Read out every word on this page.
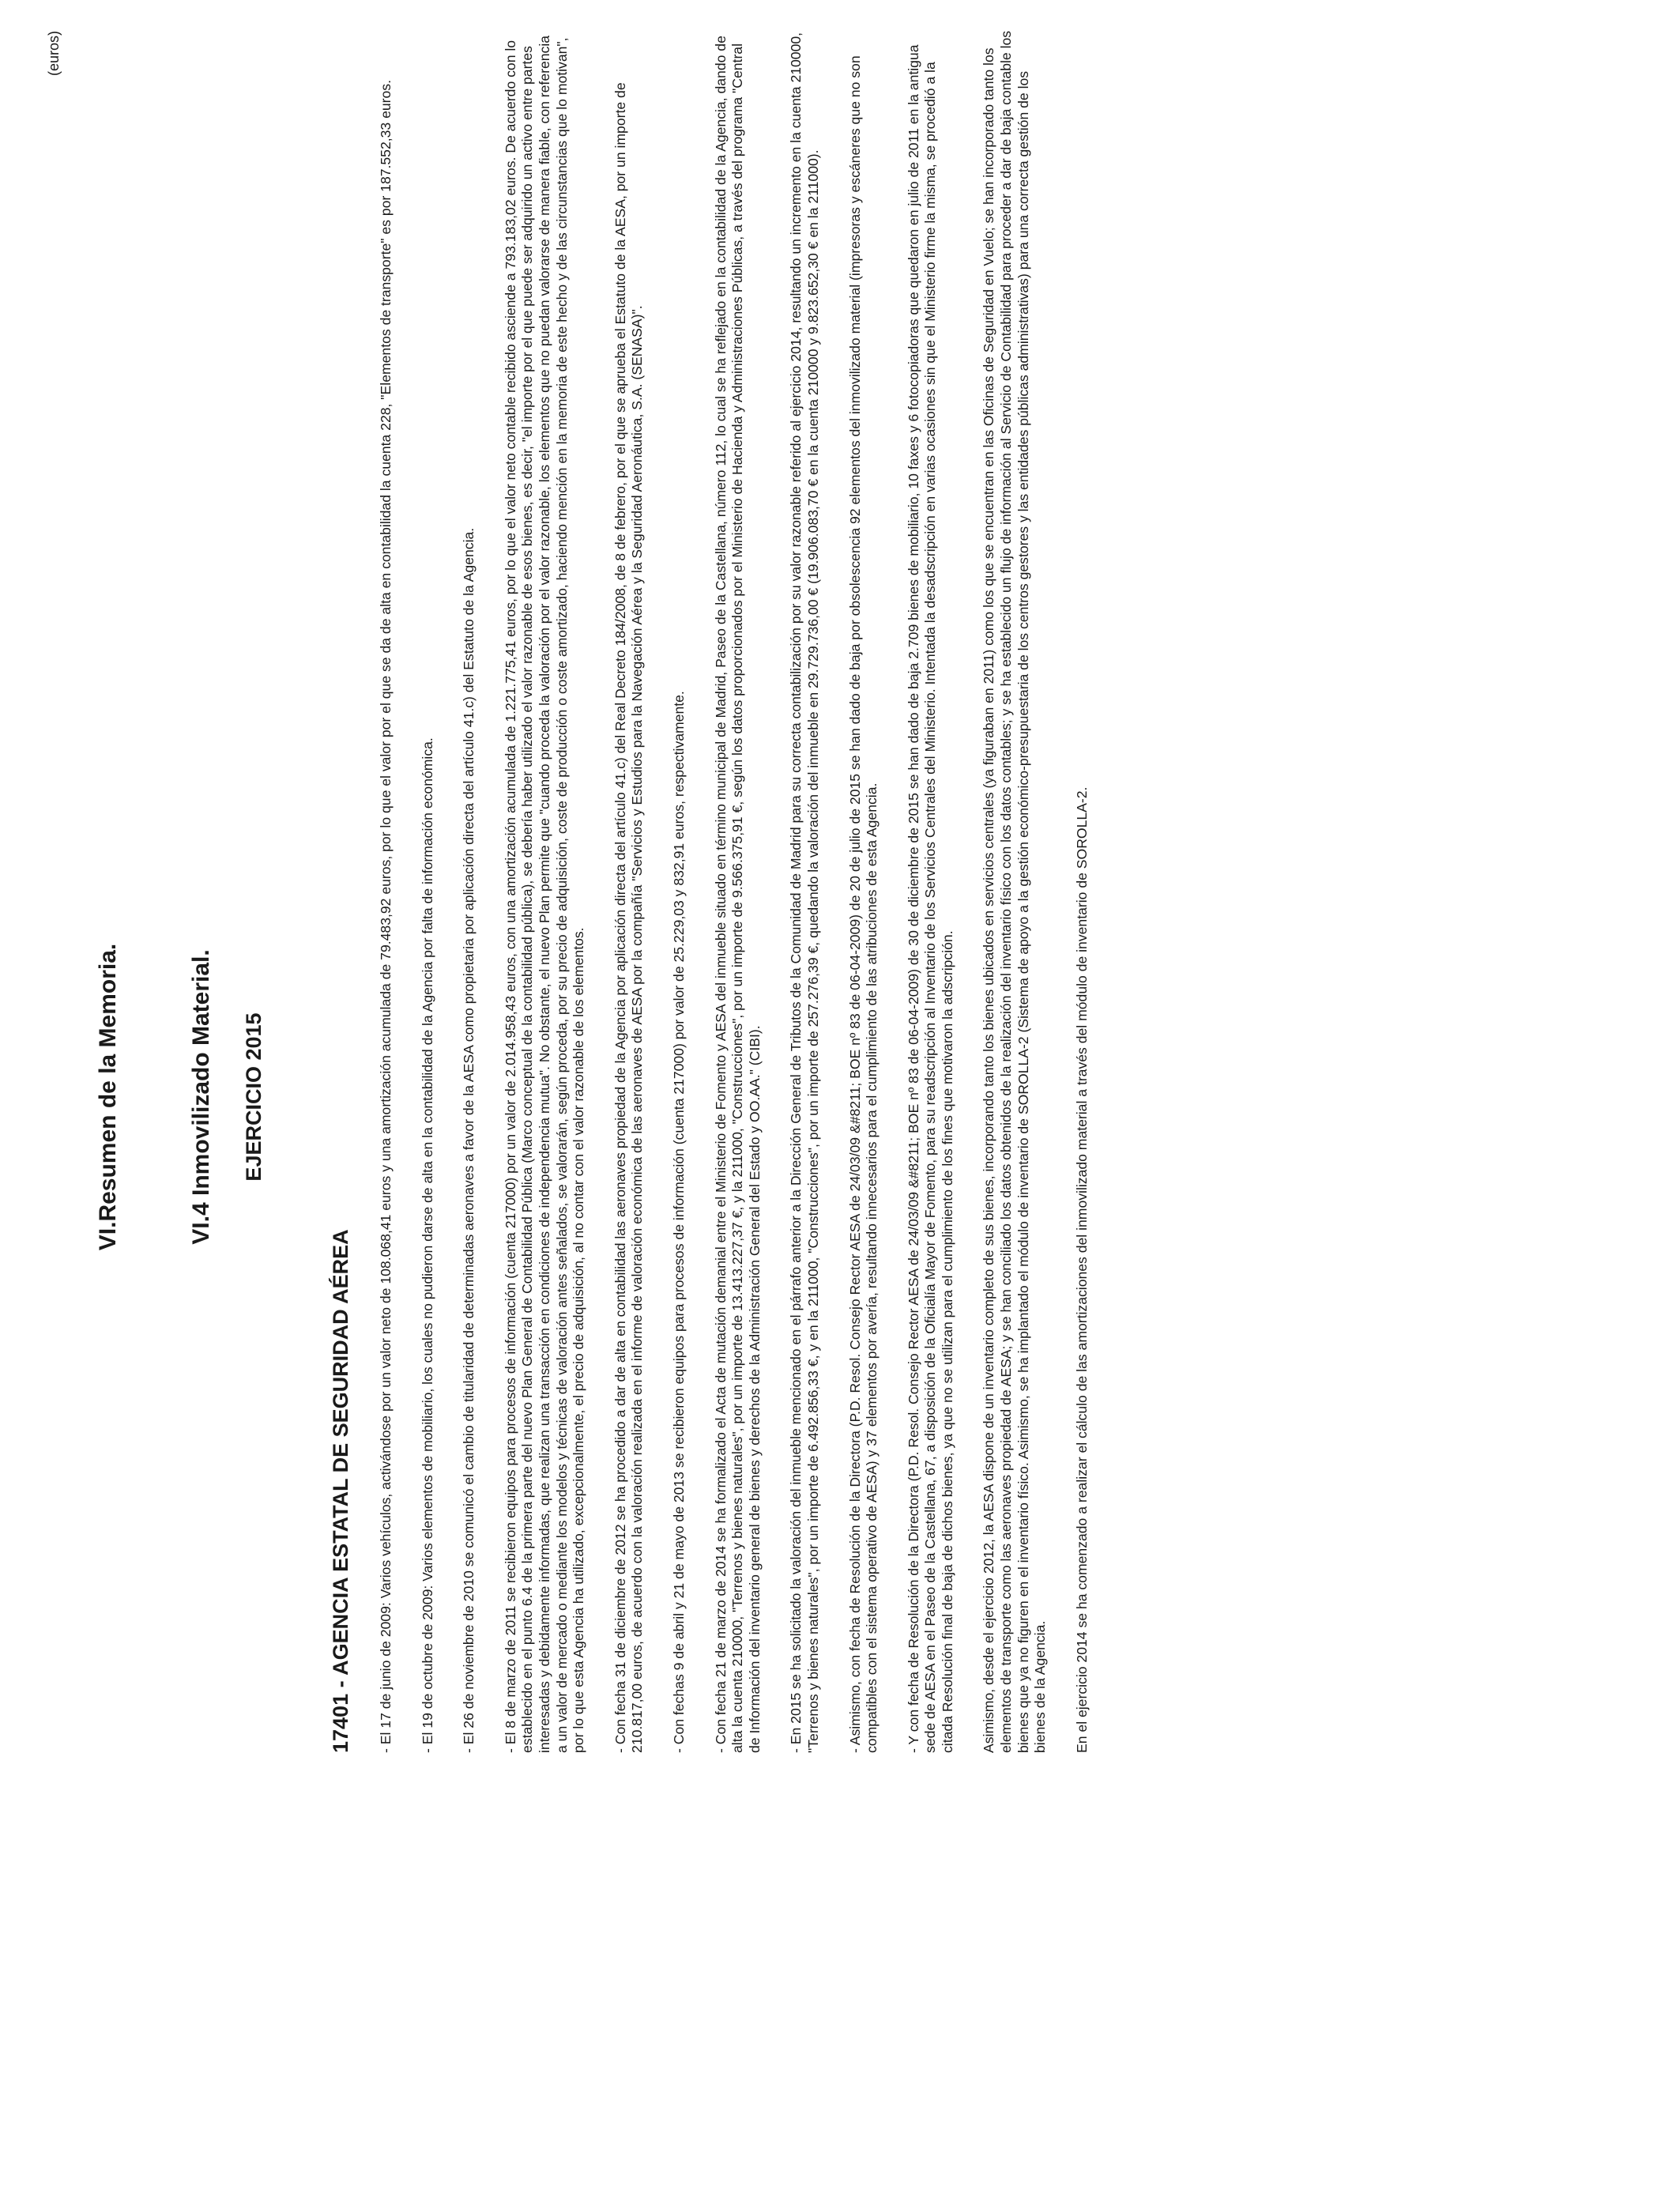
(euros)
VI.Resumen de la Memoria.	VI.4 Inmovilizado Material. EJERCICIO 2015
17401 - AGENCIA ESTATAL DE SEGURIDAD AÉREA - El 17 de junio de 2009: Varios vehículos, activándose por un valor neto de 108.068,41 euros y una amortización acumulada de 79.483,92 euros, por lo que el valor por el que se da de alta en contabilidad la cuenta 228, "Elementos de transporte" es por 187.552,33 euros. - El 19 de octubre de 2009: Varios elementos de mobiliario, los cuales no pudieron darse de alta en la contabilidad de la Agencia por falta de información económica. - El 26 de noviembre de 2010 se comunicó el cambio de titularidad de determinadas aeronaves a favor de la AESA como propietaria por aplicación directa del artículo 41.c) del Estatuto de la Agencia. - El 8 de marzo de 2011 se recibieron equipos para procesos de información (cuenta 217000) por un valor de 2.014.958,43 euros, con una amortización acumulada de 1.221.775,41 euros, por lo que el valor neto contable recibido asciende a 793.183,02 euros. De acuerdo con lo establecido en el punto 6.4 de la primera parte del nuevo Plan General de Contabilidad Pública (Marco conceptual de la contabilidad pública), se debería haber utilizado el valor razonable de esos bienes, es decir, "el importe por el que puede ser adquirido un activo entre partes interesadas y debidamente informadas, que realizan una transacción en condiciones de independencia mutua". No obstante, el nuevo Plan permite que "cuando proceda la valoración por el valor razonable, los elementos que no puedan valorarse de manera fiable, con referencia a un valor de mercado o mediante los modelos y técnicas de valoración antes señalados, se valorarán, según proceda, por su precio de adquisición, coste de producción o coste amortizado, haciendo mención en la memoria de este hecho y de las circunstancias que lo motivan", por lo que esta Agencia ha utilizado, excepcionalmente, el precio de adquisición, al no contar con el valor razonable de los elementos. - Con fecha 31 de diciembre de 2012 se ha procedido a dar de alta en contabilidad las aeronaves propiedad de la Agencia por aplicación directa del artículo 41.c) del Real Decreto 184/2008, de 8 de febrero, por el que se aprueba el Estatuto de la AESA, por un importe de 210.817,00 euros, de acuerdo con la valoración realizada en el informe de valoración económica de las aeronaves de AESA por la compañía "Servicios y Estudios para la Navegación Aérea y la Seguridad Aeronáutica, S.A. (SENASA)". - Con fechas 9 de abril y 21 de mayo de 2013 se recibieron equipos para procesos de información (cuenta 217000) por valor de 25.229,03 y 832,91 euros, respectivamente. - Con fecha 21 de marzo de 2014 se ha formalizado el Acta de mutación demanial entre el Ministerio de Fomento y AESA del inmueble situado en término municipal de Madrid, Paseo de la Castellana, número 112, lo cual se ha reflejado en la contabilidad de la Agencia, dando de alta la cuenta 210000, "Terrenos y bienes naturales", por un importe de 13.413.227,37 €, y la 211000, "Construcciones", por un importe de 9.566.375,91 €, según los datos proporcionados por el Ministerio de Hacienda y Administraciones Públicas, a través del programa "Central de Información del inventario general de bienes y derechos de la Administración General del Estado y OO.AA." (CIBI). - En 2015 se ha solicitado la valoración del inmueble mencionado en el párrafo anterior a la Dirección General de Tributos de la Comunidad de Madrid para su correcta contabilización por su valor razonable referido al ejercicio 2014, resultando un incremento en la cuenta 210000, "Terrenos y bienes naturales", por un importe de 6.492.856,33 €, y en la 211000, "Construcciones", por un importe de 257.276,39 €, quedando la valoración del inmueble en 29.729.736,00 € (19.906.083,70 € en la cuenta 210000 y 9.823.652,30 € en la 211000). - Asimismo, con fecha de Resolución de la Directora (P.D. Resol. Consejo Rector AESA de 24/03/09 &#8211; BOE nº 83 de 06-04-2009) de 20 de julio de 2015 se han dado de baja por obsolescencia 92 elementos del inmovilizado material (impresoras y escáneres que no son compatibles con el sistema operativo de AESA) y 37 elementos por avería, resultando innecesarios para el cumplimiento de las atribuciones de esta Agencia. - Y con fecha de Resolución de la Directora (P.D. Resol. Consejo Rector AESA de 24/03/09 &#8211; BOE nº 83 de 06-04-2009) de 30 de diciembre de 2015 se han dado de baja 2.709 bienes de mobiliario, 10 faxes y 6 fotocopiadoras que quedaron en julio de 2011 en la antigua sede de AESA en el Paseo de la Castellana, 67, a disposición de la Oficialía Mayor de Fomento, para su readscripción al Inventario de los Servicios Centrales del Ministerio. Intentada la desadscripción en varias ocasiones sin que el Ministerio firme la misma, se procedió a la citada Resolución final de baja de dichos bienes, ya que no se utilizan para el cumplimiento de los fines que motivaron la adscripción. Asimismo, desde el ejercicio 2012, la AESA dispone de un inventario completo de sus bienes, incorporando tanto los bienes ubicados en servicios centrales (ya figuraban en 2011) como los que se encuentran en las Oficinas de Seguridad en Vuelo; se han incorporado tanto los elementos de transporte como las aeronaves propiedad de AESA; y se han conciliado los datos obtenidos de la realización del inventario físico con los datos contables; y se ha establecido un flujo de información al Servicio de Contabilidad para proceder a dar de baja contable los bienes que ya no figuren en el inventario físico. Asimismo, se ha implantado el módulo de inventario de SOROLLA-2 (Sistema de apoyo a la gestión económico-presupuestaria de los centros gestores y las entidades públicas administrativas) para una correcta gestión de los bienes de la Agencia. En el ejercicio 2014 se ha comenzado a realizar el cálculo de las amortizaciones del inmovilizado material a través del módulo de inventario de SOROLLA-2.
